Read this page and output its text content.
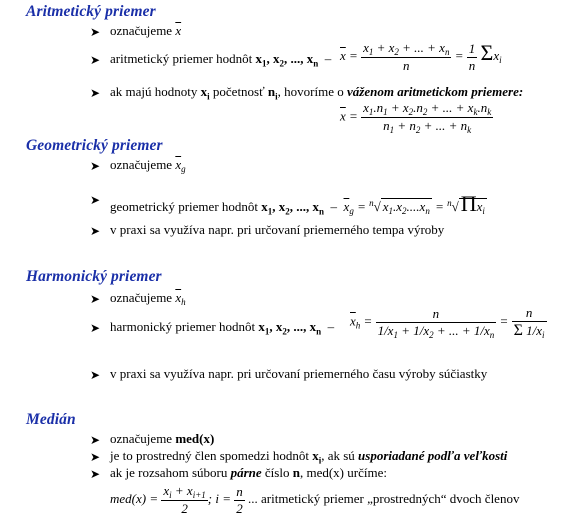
Aritmetický priemer
➤ označujeme $\overline{x}$
➤ aritmetický priemer hodnôt $x_1$, $x_2$, ..., $x_n - \overline{x} = \frac{x_1 + x_2 + ... + x_n}{n} = \frac{1}{n} \Sigma x_i$
➤ ak majú hodnoty $x_i$ početnosť $n_i$, hovoríme o váženom aritmetickom priemere:
$\overline{x} = \frac{x_1.n_1 + x_2.n_2 + ... + x_k.n_k}{n_1 + n_2 + ... + n_k}$
Geometrický priemer
➤ označujeme $\overline{x}_g$
➤ geometrický priemer hodnôt $x_1$, $x_2$, ..., $x_n - \overline{x}_g = ^n√$ $x_1.x_2....x_n = ^n√\Pi x_i$
➤ v praxi sa využíva napr. pri určovaní priemerného tempa výroby
Harmonický priemer
➤ označujeme $\overline{x}_h$
➤ harmonický priemer hodnôt $x_1$, $x_2$, ..., $x_n - \overline{x}_h = \frac{n}{1/x_1 + 1/x_2 + ... + 1/x_n} = \frac{n}{\Sigma 1/x_i}$
➤ v praxi sa využíva napr. pri určovaní priemerného času výroby súčiastky
Medián
➤ označujeme med(x)
➤ je to prostredný člen spomedzi hodnôt $x_i$, ak sú usporiadané podľa veľkosti
➤ ak je rozsahom súboru párne číslo n, med(x) určíme:
$med(x) = \frac{x_i + x_{i+1}}{2}$ ; $i = \frac{n}{2}$ ... aritmetický priemer „prostredných“ dvoch členov
